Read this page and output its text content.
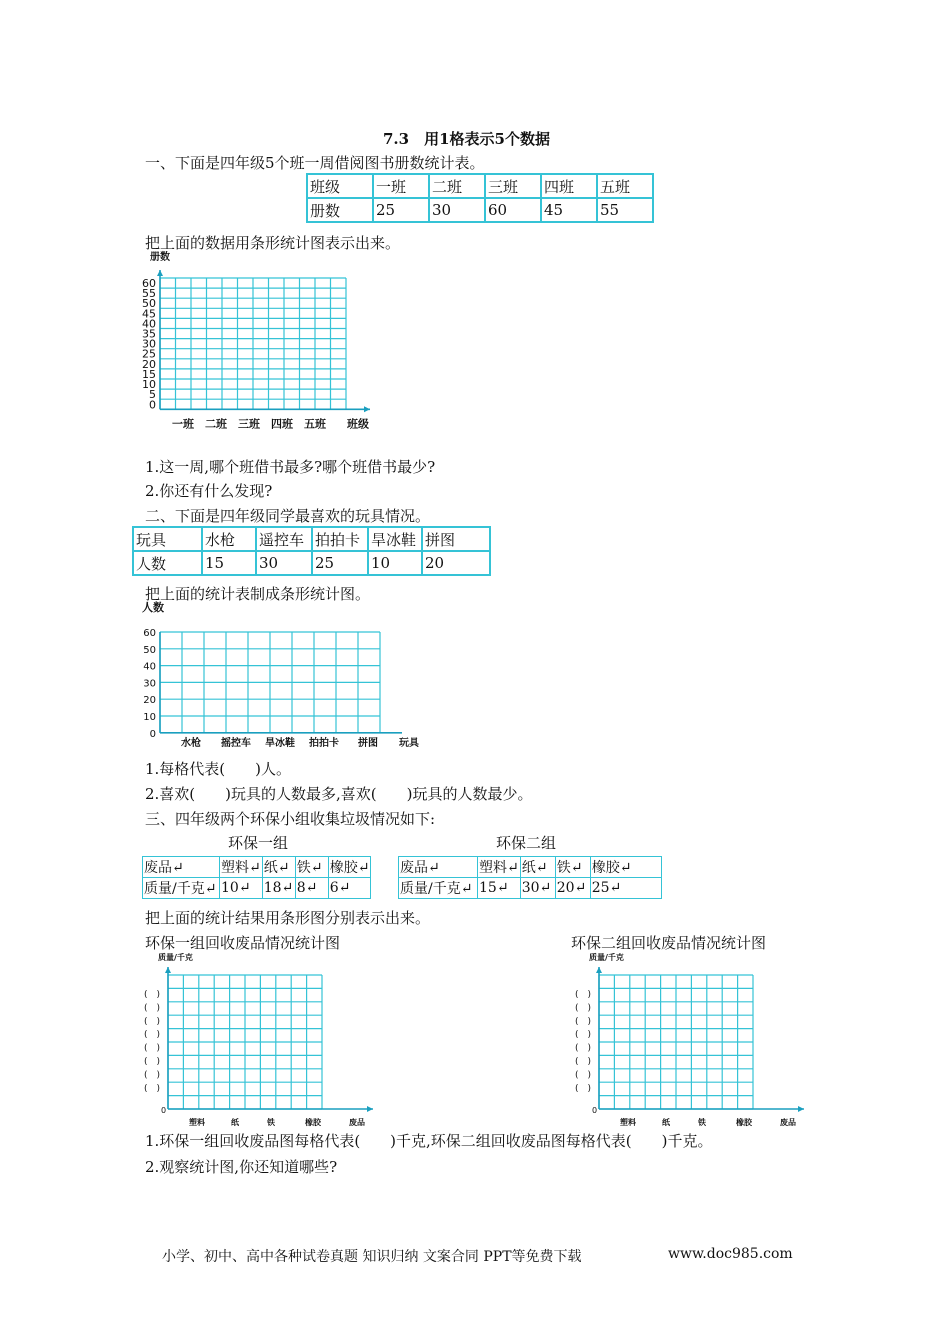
7.3　用1格表示5个数据
一、下面是四年级5个班一周借阅图书册数统计表。
班级	一班	二班	三班	四班	五班
册数	25	30	60	45	55
把上面的数据用条形统计图表示出来。
册数
60
55
50
45
40
35
30
25
20
15
10
5
0
一班 二班 三班 四班 五班 班级
1.这一周,哪个班借书最多?哪个班借书最少?
2.你还有什么发现?
二、下面是四年级同学最喜欢的玩具情况。
玩具	水枪	遥控车	拍拍卡	旱冰鞋	拼图
人数	15	30	25	10	20
把上面的统计表制成条形统计图。
人数
60
50
40
30
20
10
0
水枪 摇控车 旱冰鞋 拍拍卡 拼图 玩具
1.每格代表(　　)人。
2.喜欢(　　)玩具的人数最多,喜欢(　　)玩具的人数最少。
三、四年级两个环保小组收集垃圾情况如下:
环保一组	环保二组
废品↵	塑料↵	纸↵	铁↵	橡胶↵
质量/千克↵	10↵	18↵	8↵	6↵
废品↵	塑料↵	纸↵	铁↵	橡胶↵
质量/千克↵	15↵	30↵	20↵	25↵
把上面的统计结果用条形图分别表示出来。
环保一组回收废品情况统计图	环保二组回收废品情况统计图
质量/千克
(　)
(　)
(　)
(　)
(　)
(　)
(　)
(　)
0
塑料	纸	铁	橡胶	废品
质量/千克
(　)
(　)
(　)
(　)
(　)
(　)
(　)
(　)
0
塑料	纸	铁	橡胶	废品
1.环保一组回收废品图每格代表(　　)千克,环保二组回收废品图每格代表(　　)千克。
2.观察统计图,你还知道哪些?
小学、初中、高中各种试卷真题 知识归纳 文案合同 PPT等免费下载	www.doc985.com
